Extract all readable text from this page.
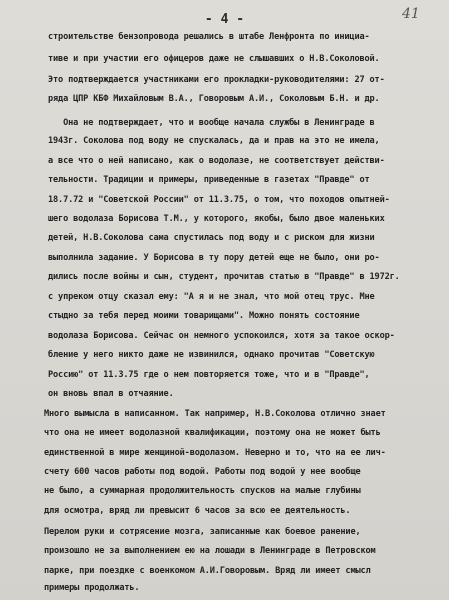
- 4 -	41
строительстве бензопровода решались в штабе Ленфронта по инициа-
тиве и при участии его офицеров даже не слышавших о Н.В.Соколовой.
Это подтверждается участниками его прокладки-руководителями: 27 от-
ряда ЦПР КБФ Михайловым В.А., Говоровым А.И., Соколовым Б.Н. и др.
Она не подтверждает, что и вообще начала службы в Ленинграде в
1943г. Соколова под воду не спускалась, да и прав на это не имела,
а все что о ней написано, как о водолазе, не соответствует действи-
тельности. Традиции и примеры, приведенные в газетах "Правде" от
18.7.72 и "Советской России" от 11.3.75, о том, что походов опытней-
шего водолаза Борисова Т.М., у которого, якобы, было двое маленьких
детей, Н.В.Соколова сама спустилась под воду и с риском для жизни
выполнила задание. У Борисова в ту пору детей еще не было, они ро-
дились после войны и сын, студент, прочитав статью в "Правде" в 1972г.
с упреком отцу сказал ему: "А я и не знал, что мой отец трус. Мне
стыдно за тебя перед моими товарищами". Можно понять состояние
водолаза Борисова. Сейчас он немного успокоился, хотя за такое оскор-
бление у него никто даже не извинился, однако прочитав "Советскую
Россию" от 11.3.75 где о нем повторяется тоже, что и в "Правде",
он вновь впал в отчаяние.
Много вымысла в написанном. Так например, Н.В.Соколова отлично знает
что она не имеет водолазной квалификации, поэтому она не может быть
единственной в мире женщиной-водолазом. Неверно и то, что на ее лич-
счету 600 часов работы под водой. Работы под водой у нее вообще
не было, а суммарная продолжительность спусков на малые глубины
для осмотра, вряд ли превысит 6 часов за всю ее деятельность.
Перелом руки и сотрясение мозга, записанные как боевое ранение,
произошло не за выполнением ею на лошади в Ленинграде в Петровском
парке, при поездке с военкомом А.И.Говоровым. Вряд ли имеет смысл
примеры продолжать.
